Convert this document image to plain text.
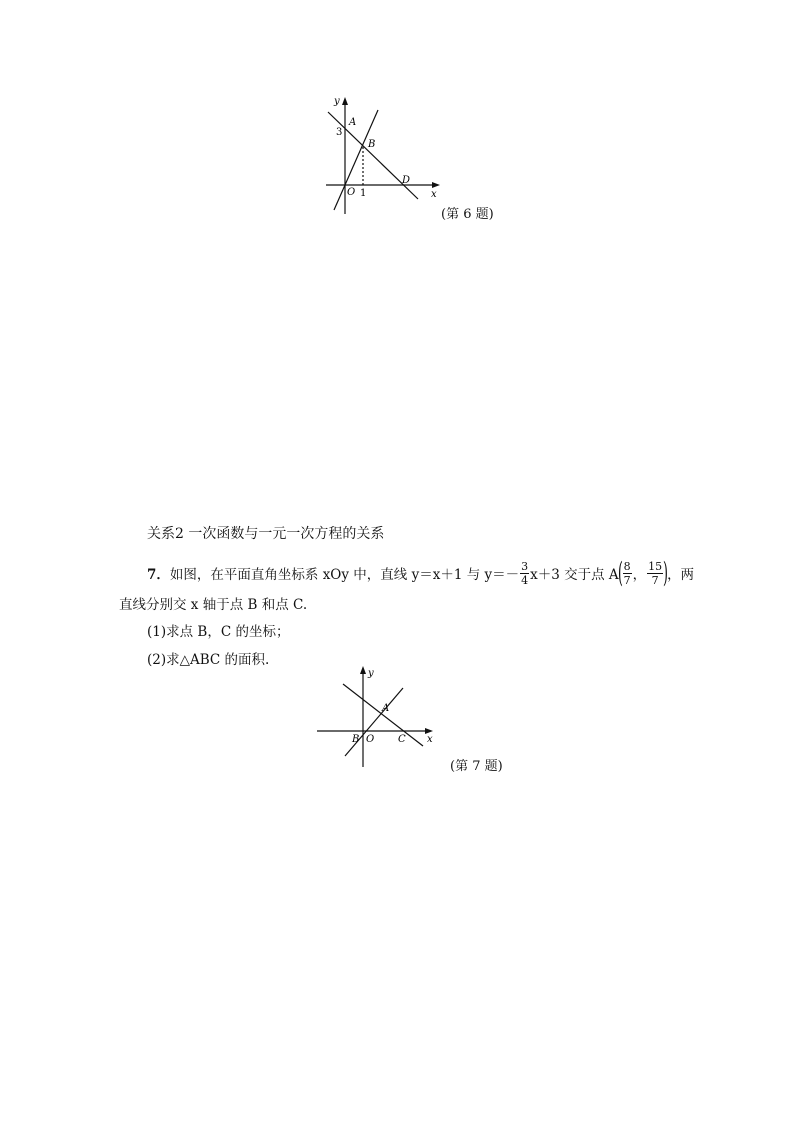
x
y
A
B
D
O
3
1
(第 6 题)
关系2 一次函数与一元一次方程的关系
7． 如图，在平面直角坐标系 xOy 中，直线 y＝x＋1 与 $y=- \frac{3}{4} x+3$ 交于点 A ( $\frac{8}{7}$ ， $\frac{15}{7}$ ) ，两
直线分别交 x 轴于点 B 和点 C.
(1)求点 B，C 的坐标；
(2)求△ABC 的面积.
x
y
A
B O C
(第 7 题)
